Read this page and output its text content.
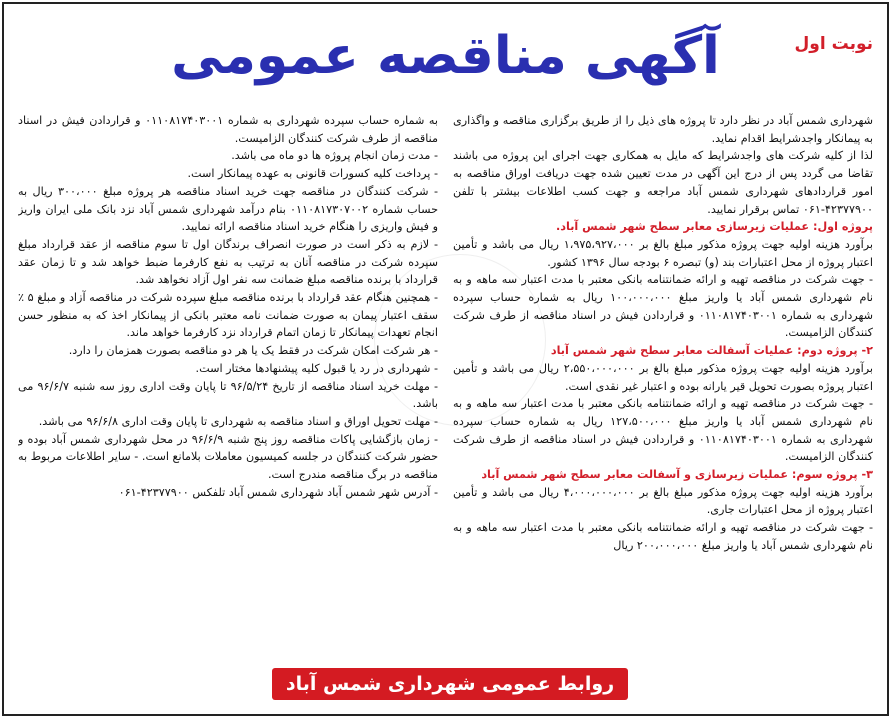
آگهی مناقصه عمومی	نوبت اول

شهرداری شمس آباد در نظر دارد تا پروژه های ذیل را از طریق برگزاری مناقصه و واگذاری به پیمانکار واجدشرایط اقدام نماید.

لذا از کلیه شرکت های واجدشرایط که مایل به همکاری جهت اجرای این پروژه می باشند تقاضا می گردد پس از درج این آگهی در مدت تعیین شده جهت دریافت اوراق مناقصه به امور قراردادهای شهرداری شمس آباد مراجعه و جهت کسب اطلاعات بیشتر با تلفن ۴۲۳۷۷۹۰۰-۰۶۱ تماس برقرار نمایید.

پروژه اول: عملیات زیرسازی معابر سطح شهر شمس آباد.

برآورد هزینه اولیه جهت پروژه مذکور مبلغ بالغ بر ۱،۹۷۵،۹۲۷،۰۰۰ ریال می باشد و تأمین اعتبار پروژه از محل اعتبارات بند (و) تبصره ۶ بودجه سال ۱۳۹۶ کشور.

- جهت شرکت در مناقصه تهیه و ارائه ضمانتنامه بانکی معتبر با مدت اعتبار سه ماهه و به نام شهرداری شمس آباد یا واریز مبلغ ۱۰۰،۰۰۰،۰۰۰ ریال به شماره حساب سپرده شهرداری به شماره ۰۱۱۰۸۱۷۴۰۳۰۰۱ و قراردادن فیش در اسناد مناقصه از طرف شرکت کنندگان الزامیست.

۲- پروژه دوم: عملیات آسفالت معابر سطح شهر شمس آباد

برآورد هزینه اولیه جهت پروژه مذکور مبلغ بالغ بر ۲،۵۵۰،۰۰۰،۰۰۰ ریال می باشد و تأمین اعتبار پروژه بصورت تحویل قیر یارانه بوده و اعتبار غیر نقدی است.

- جهت شرکت در مناقصه تهیه و ارائه ضمانتنامه بانکی معتبر با مدت اعتبار سه ماهه و به نام شهرداری شمس آباد یا واریز مبلغ ۱۲۷،۵۰۰،۰۰۰ ریال به شماره حساب سپرده شهرداری به شماره ۰۱۱۰۸۱۷۴۰۳۰۰۱ و قراردادن فیش در اسناد مناقصه از طرف شرکت کنندگان الزامیست.

۳- پروژه سوم: عملیات زیرسازی و آسفالت معابر سطح شهر شمس آباد

برآورد هزینه اولیه جهت پروژه مذکور مبلغ بالغ بر ۴،۰۰۰،۰۰۰،۰۰۰ ریال می باشد و تأمین اعتبار پروژه از محل اعتبارات جاری.

- جهت شرکت در مناقصه تهیه و ارائه ضمانتنامه بانکی معتبر با مدت اعتبار سه ماهه و به نام شهرداری شمس آباد یا واریز مبلغ ۲۰۰،۰۰۰،۰۰۰ ریال

به شماره حساب سپرده شهرداری به شماره ۰۱۱۰۸۱۷۴۰۳۰۰۱ و قراردادن فیش در اسناد مناقصه از طرف شرکت کنندگان الزامیست.

- مدت زمان انجام پروژه ها دو ماه می باشد.

- پرداخت کلیه کسورات قانونی به عهده پیمانکار است.

- شرکت کنندگان در مناقصه جهت خرید اسناد مناقصه هر پروژه مبلغ ۳۰۰،۰۰۰ ریال به حساب شماره ۰۱۱۰۸۱۷۳۰۷۰۰۲ بنام درآمد شهرداری شمس آباد نزد بانک ملی ایران واریز و فیش واریزی را هنگام خرید اسناد مناقصه ارائه نمایید.

- لازم به ذکر است در صورت انصراف برندگان اول تا سوم مناقصه از عقد قرارداد مبلغ سپرده شرکت در مناقصه آنان به ترتیب به نفع کارفرما ضبط خواهد شد و تا زمان عقد قرارداد با برنده مناقصه مبلغ ضمانت سه نفر اول آزاد نخواهد شد.

- همچنین هنگام عقد قرارداد با برنده مناقصه مبلغ سپرده شرکت در مناقصه آزاد و مبلغ ۵ ٪ سقف اعتبار پیمان به صورت ضمانت نامه معتبر بانکی از پیمانکار اخذ که به منظور حسن انجام تعهدات پیمانکار تا زمان اتمام قرارداد نزد کارفرما خواهد ماند.

- هر شرکت امکان شرکت در فقط یک یا هر دو مناقصه بصورت همزمان را دارد.

- شهرداری در رد یا قبول کلیه پیشنهادها مختار است.

- مهلت خرید اسناد مناقصه از تاریخ ۹۶/۵/۲۴ تا پایان وقت اداری روز سه شنبه ۹۶/۶/۷ می باشد.

- مهلت تحویل اوراق و اسناد مناقصه به شهرداری تا پایان وقت اداری ۹۶/۶/۸ می باشد.

- زمان بازگشایی پاکات مناقصه روز پنج شنبه ۹۶/۶/۹ در محل شهرداری شمس آباد بوده و حضور شرکت کنندگان در جلسه کمیسیون معاملات بلامانع است. - سایر اطلاعات مربوط به مناقصه در برگ مناقصه مندرج است.

- آدرس شهر شمس آباد شهرداری شمس آباد تلفکس ۴۲۳۷۷۹۰۰-۰۶۱

روابط عمومی شهرداری شمس آباد
